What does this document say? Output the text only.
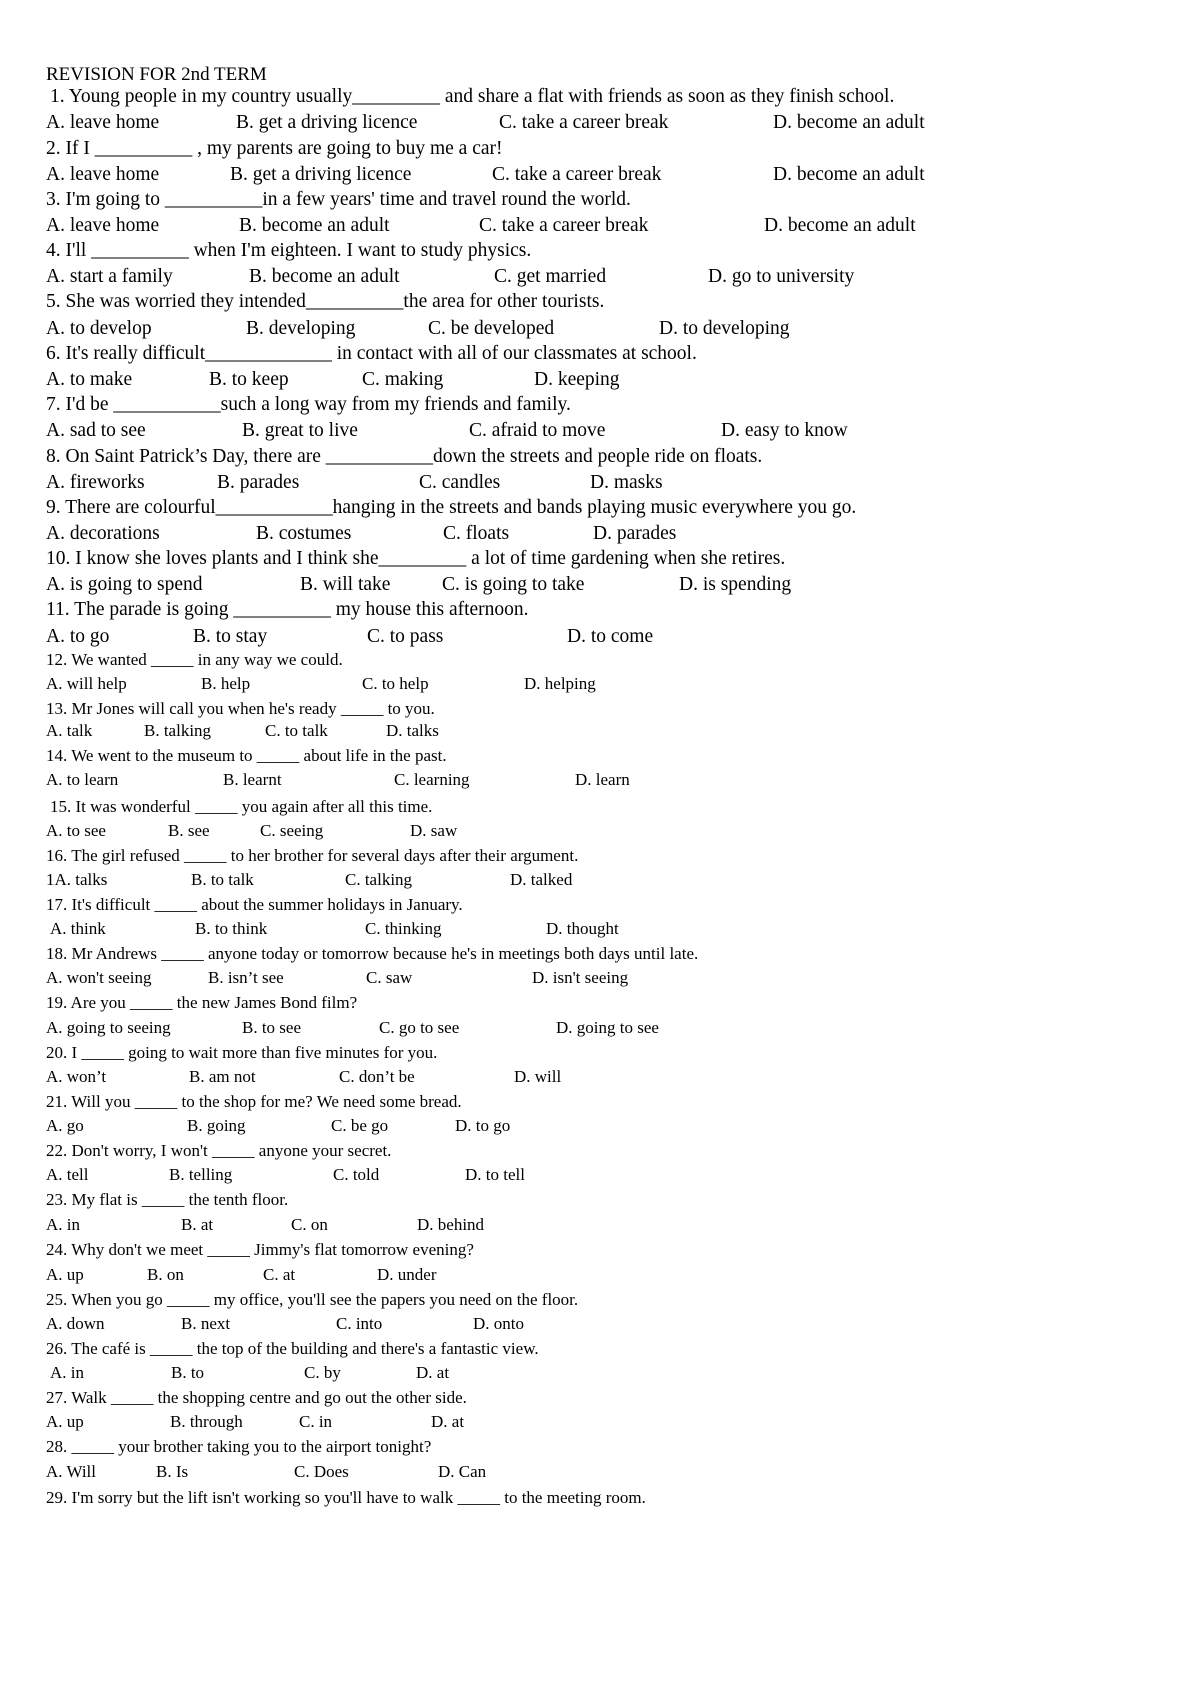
REVISION FOR 2nd TERM
1. Young people in my country usually_________ and share a flat with friends as soon as they finish school.
A. leave home	B. get a driving licence	C. take a career break	D. become an adult
2. If I __________ , my parents are going to buy me a car!
A. leave home	B. get a driving licence	C. take a career break	D. become an adult
3. I'm going to __________in a few years' time and travel round the world.
A. leave home	B. become an adult	C. take a career break	D. become an adult
4. I'll __________ when I'm eighteen. I want to study physics.
A. start a family	B. become an adult	C. get married	D. go to university
5. She was worried they intended__________the area for other tourists.
A. to develop	B. developing	C. be developed	D. to developing
6. It's really difficult_____________ in contact with all of our classmates at school.
A. to make	B. to keep	C. making	D. keeping
7. I'd be ___________such a long way from my friends and family.
A. sad to see	B. great to live	C. afraid to move	D. easy to know
8. On Saint Patrick’s Day, there are ___________down the streets and people ride on floats.
A. fireworks	B. parades	C. candles	D. masks
9. There are colourful____________hanging in the streets and bands playing music everywhere you go.
A. decorations	B. costumes	C. floats	D. parades
10. I know she loves plants and I think she_________ a lot of time gardening when she retires.
A. is going to spend	B. will take	C. is going to take	D. is spending
11. The parade is going __________ my house this afternoon.
A. to go	B. to stay	C. to pass	D. to come
12. We wanted _____ in any way we could.
A. will help	B. help	C. to help	D. helping
13. Mr Jones will call you when he's ready _____ to you.
A. talk	B. talking	C. to talk	D. talks
14. We went to the museum to _____ about life in the past.
A. to learn	B. learnt	C. learning	D. learn
15. It was wonderful _____ you again after all this time.
A. to see	B. see	C. seeing	D. saw
16. The girl refused _____ to her brother for several days after their argument.
1A. talks	B. to talk	C. talking	D. talked
17. It's difficult _____ about the summer holidays in January.
A. think	B. to think	C. thinking	D. thought
18. Mr Andrews _____ anyone today or tomorrow because he's in meetings both days until late.
A. won't seeing	B. isn’t see	C. saw	D. isn't seeing
19. Are you _____ the new James Bond film?
A. going to seeing	B. to see	C. go to see	D. going to see
20. I _____ going to wait more than five minutes for you.
A. won’t	B. am not	C. don’t be	D. will
21. Will you _____ to the shop for me? We need some bread.
A. go	B. going	C. be go	D. to go
22. Don't worry, I won't _____ anyone your secret.
A. tell	B. telling	C. told	D. to tell
23. My flat is _____ the tenth floor.
A. in	B. at	C. on	D. behind
24. Why don't we meet _____ Jimmy's flat tomorrow evening?
A. up	B. on	C. at	D. under
25. When you go _____ my office, you'll see the papers you need on the floor.
A. down	B. next	C. into	D. onto
26. The café is _____ the top of the building and there's a fantastic view.
A. in	B. to	C. by	D. at
27. Walk _____ the shopping centre and go out the other side.
A. up	B. through	C. in	D. at
28. _____ your brother taking you to the airport tonight?
A. Will	B. Is	C. Does	D. Can
29. I'm sorry but the lift isn't working so you'll have to walk _____ to the meeting room.
